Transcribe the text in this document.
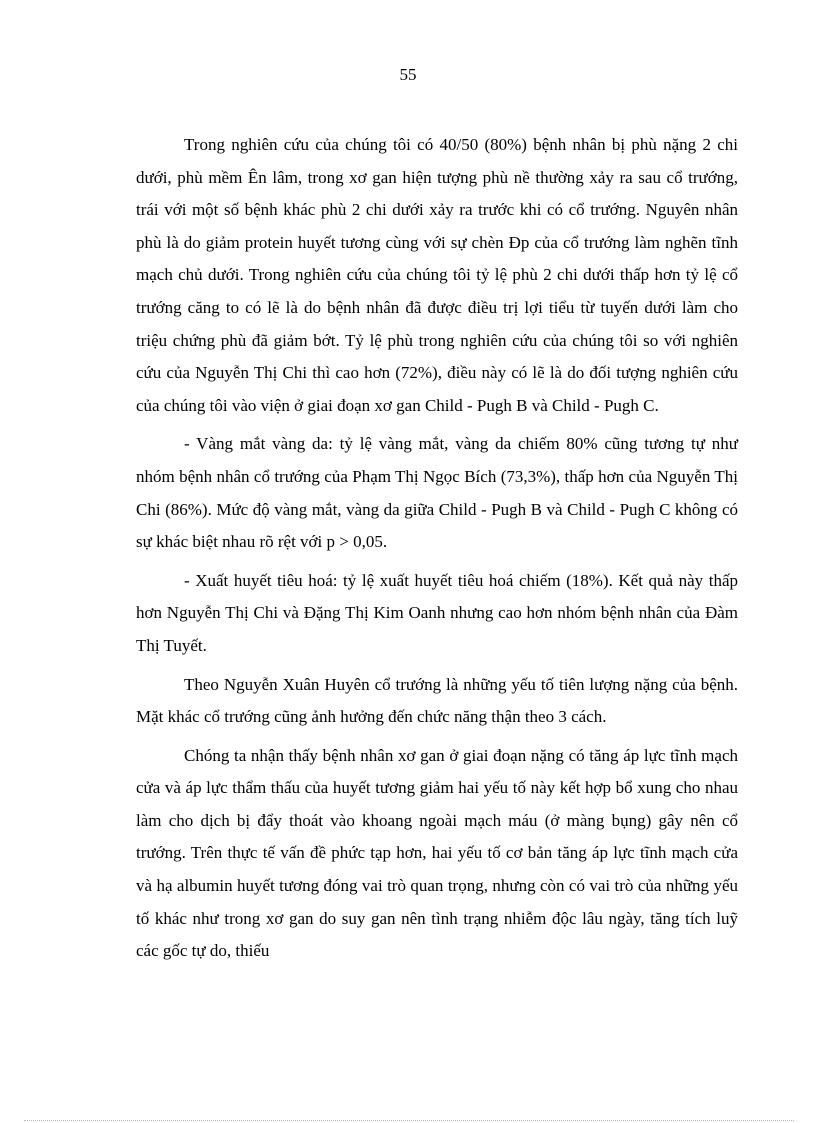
55

Trong nghiên cứu của chúng tôi có 40/50 (80%) bệnh nhân bị phù nặng 2 chi dưới, phù mềm Ên lâm, trong xơ gan hiện tượng phù nề thường xảy ra sau cổ trướng, trái với một số bệnh khác phù 2 chi dưới xảy ra trước khi có cổ trướng. Nguyên nhân phù là do giảm protein huyết tương cùng với sự chèn Ðp của cổ trướng làm nghẽn tĩnh mạch chủ dưới. Trong nghiên cứu của chúng tôi tỷ lệ phù 2 chi dưới thấp hơn tỷ lệ cổ trướng căng to có lẽ là do bệnh nhân đã được điều trị lợi tiểu từ tuyến dưới làm cho triệu chứng phù đã giảm bớt. Tỷ lệ phù trong nghiên cứu của chúng tôi so với nghiên cứu của Nguyễn Thị Chi thì cao hơn (72%), điều này có lẽ là do đối tượng nghiên cứu của chúng tôi vào viện ở giai đoạn xơ gan Child - Pugh B và Child - Pugh C.

- Vàng mắt vàng da: tỷ lệ vàng mắt, vàng da chiếm 80% cũng tương tự như nhóm bệnh nhân cổ trướng của Phạm Thị Ngọc Bích (73,3%), thấp hơn của Nguyễn Thị Chi (86%). Mức độ vàng mắt, vàng da giữa Child - Pugh B và Child - Pugh C không có sự khác biệt nhau rõ rệt với p > 0,05.

- Xuất huyết tiêu hoá: tỷ lệ xuất huyết tiêu hoá chiếm (18%). Kết quả này thấp hơn Nguyễn Thị Chi và Đặng Thị Kim Oanh nhưng cao hơn nhóm bệnh nhân của Đàm Thị Tuyết.

Theo Nguyễn Xuân Huyên cổ trướng là những yếu tố tiên lượng nặng của bệnh. Mặt khác cổ trướng cũng ảnh hưởng đến chức năng thận theo 3 cách.

Chóng ta nhận thấy bệnh nhân xơ gan ở giai đoạn nặng có tăng áp lực tĩnh mạch cửa và áp lực thẩm thấu của huyết tương giảm hai yếu tố này kết hợp bổ xung cho nhau làm cho dịch bị đẩy thoát vào khoang ngoài mạch máu (ở màng bụng) gây nên cổ trướng. Trên thực tế vấn đề phức tạp hơn, hai yếu tố cơ bản tăng áp lực tĩnh mạch cửa và hạ albumin huyết tương đóng vai trò quan trọng, nhưng còn có vai trò của những yếu tố khác như trong xơ gan do suy gan nên tình trạng nhiễm độc lâu ngày, tăng tích luỹ các gốc tự do, thiếu
